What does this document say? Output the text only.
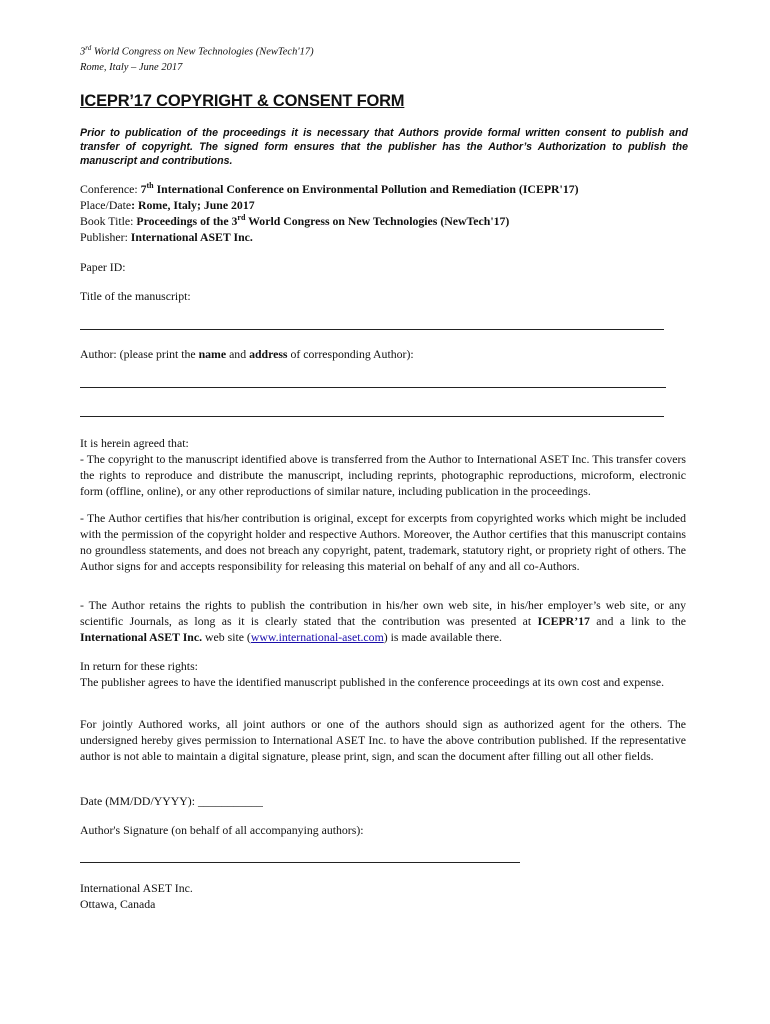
3rd World Congress on New Technologies (NewTech'17)
Rome, Italy – June 2017
ICEPR’17 COPYRIGHT & CONSENT FORM
Prior to publication of the proceedings it is necessary that Authors provide formal written consent to publish and transfer of copyright. The signed form ensures that the publisher has the Author’s Authorization to publish the manuscript and contributions.
Conference: 7th International Conference on Environmental Pollution and Remediation (ICEPR'17)
Place/Date: Rome, Italy; June 2017
Book Title: Proceedings of the 3rd World Congress on New Technologies (NewTech'17)
Publisher: International ASET Inc.
Paper ID:
Title of the manuscript:
Author: (please print the name and address of corresponding Author):
It is herein agreed that:
- The copyright to the manuscript identified above is transferred from the Author to International ASET Inc. This transfer covers the rights to reproduce and distribute the manuscript, including reprints, photographic reproductions, microform, electronic form (offline, online), or any other reproductions of similar nature, including publication in the proceedings.
- The Author certifies that his/her contribution is original, except for excerpts from copyrighted works which might be included with the permission of the copyright holder and respective Authors. Moreover, the Author certifies that this manuscript contains no groundless statements, and does not breach any copyright, patent, trademark, statutory right, or propriety right of others. The Author signs for and accepts responsibility for releasing this material on behalf of any and all co-Authors.
- The Author retains the rights to publish the contribution in his/her own web site, in his/her employer’s web site, or any scientific Journals, as long as it is clearly stated that the contribution was presented at ICEPR’17 and a link to the International ASET Inc. web site (www.international-aset.com) is made available there.
In return for these rights:
The publisher agrees to have the identified manuscript published in the conference proceedings at its own cost and expense.
For jointly Authored works, all joint authors or one of the authors should sign as authorized agent for the others. The undersigned hereby gives permission to International ASET Inc. to have the above contribution published. If the representative author is not able to maintain a digital signature, please print, sign, and scan the document after filling out all other fields.
Date (MM/DD/YYYY): ___________
Author's Signature (on behalf of all accompanying authors):
International ASET Inc.
Ottawa, Canada
